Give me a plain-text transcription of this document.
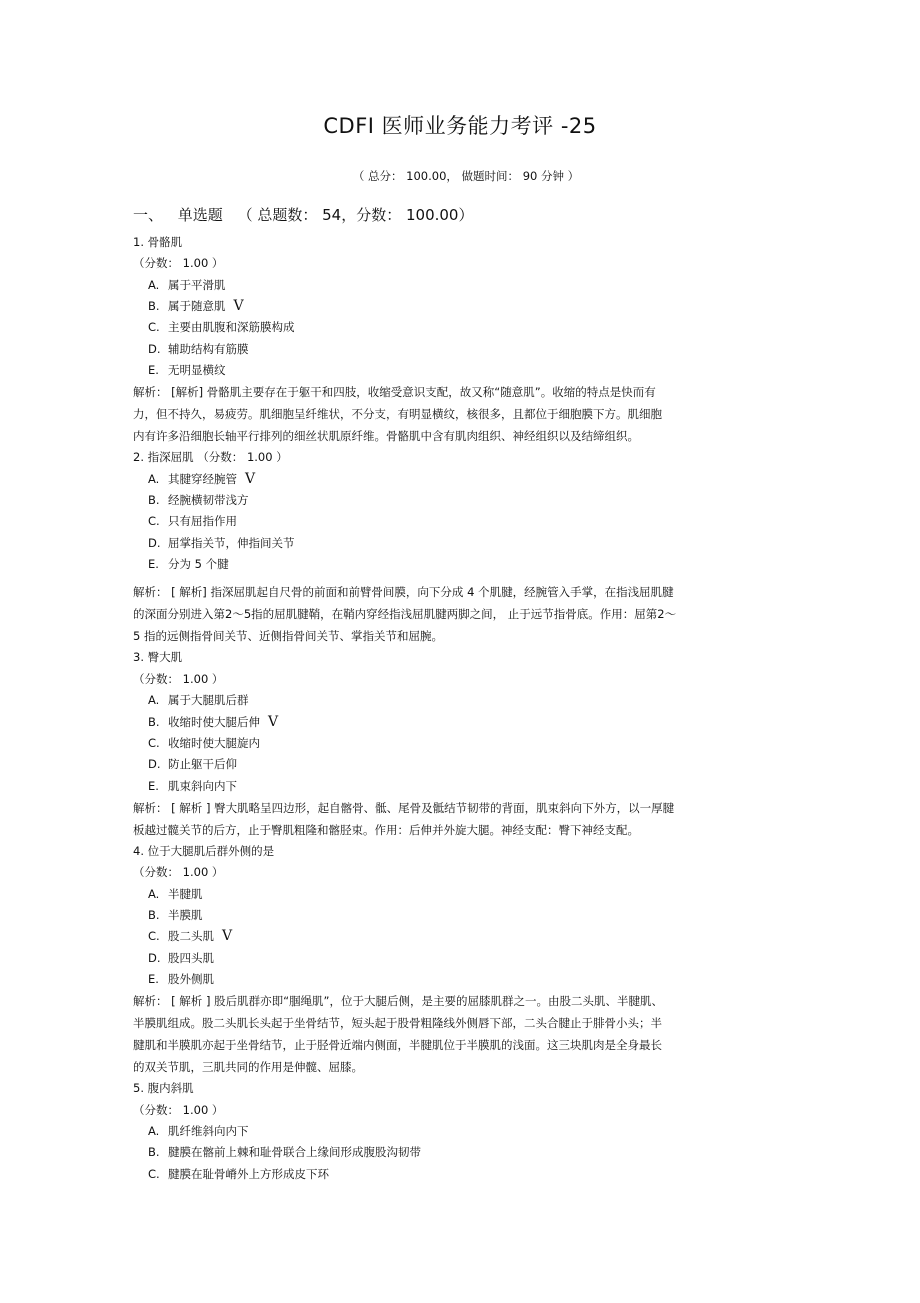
CDFI 医师业务能力考评 -25
（ 总分： 100.00， 做题时间： 90 分钟 ）
一、 单选题 （ 总题数： 54，分数： 100.00）
1. 骨骼肌
（分数： 1.00 ）
A. 属于平滑肌
B. 属于随意肌 V
C. 主要由肌腹和深筋膜构成
D. 辅助结构有筋膜
E. 无明显横纹
解析： [解析] 骨骼肌主要存在于躯干和四肢，收缩受意识支配，故又称“随意肌”。收缩的特点是快而有
力，但不持久，易疲劳。肌细胞呈纤维状，不分支，有明显横纹，核很多，且都位于细胞膜下方。肌细胞
内有许多沿细胞长轴平行排列的细丝状肌原纤维。骨骼肌中含有肌肉组织、神经组织以及结缔组织。
2. 指深屈肌 （分数： 1.00 ）
A. 其腱穿经腕管 V
B. 经腕横韧带浅方
C. 只有屈指作用
D. 屈掌指关节，伸指间关节
E. 分为 5 个腱
解析： [ 解析] 指深屈肌起自尺骨的前面和前臂骨间膜，向下分成 4 个肌腱，经腕管入手掌，在指浅屈肌腱
的深面分别进入第2～5指的屈肌腱鞘，在鞘内穿经指浅屈肌腱两脚之间， 止于远节指骨底。作用：屈第2～
5 指的远侧指骨间关节、近侧指骨间关节、掌指关节和屈腕。
3. 臀大肌
（分数： 1.00 ）
A. 属于大腿肌后群
B. 收缩时使大腿后伸 V
C. 收缩时使大腿旋内
D. 防止躯干后仰
E. 肌束斜向内下
解析： [ 解析 ] 臀大肌略呈四边形，起自髂骨、骶、尾骨及骶结节韧带的背面，肌束斜向下外方，以一厚腱
板越过髋关节的后方，止于臀肌粗隆和髂胫束。作用：后伸并外旋大腿。神经支配：臀下神经支配。
4. 位于大腿肌后群外侧的是
（分数： 1.00 ）
A. 半腱肌
B. 半膜肌
C. 股二头肌 V
D. 股四头肌
E. 股外侧肌
解析： [ 解析 ] 股后肌群亦即“腘绳肌”，位于大腿后侧，是主要的屈膝肌群之一。由股二头肌、半腱肌、
半膜肌组成。股二头肌长头起于坐骨结节，短头起于股骨粗隆线外侧唇下部，二头合腱止于腓骨小头；半
腱肌和半膜肌亦起于坐骨结节，止于胫骨近端内侧面，半腱肌位于半膜肌的浅面。这三块肌肉是全身最长
的双关节肌，三肌共同的作用是伸髋、屈膝。
5. 腹内斜肌
（分数： 1.00 ）
A. 肌纤维斜向内下
B. 腱膜在髂前上棘和耻骨联合上缘间形成腹股沟韧带
C. 腱膜在耻骨嵴外上方形成皮下环
